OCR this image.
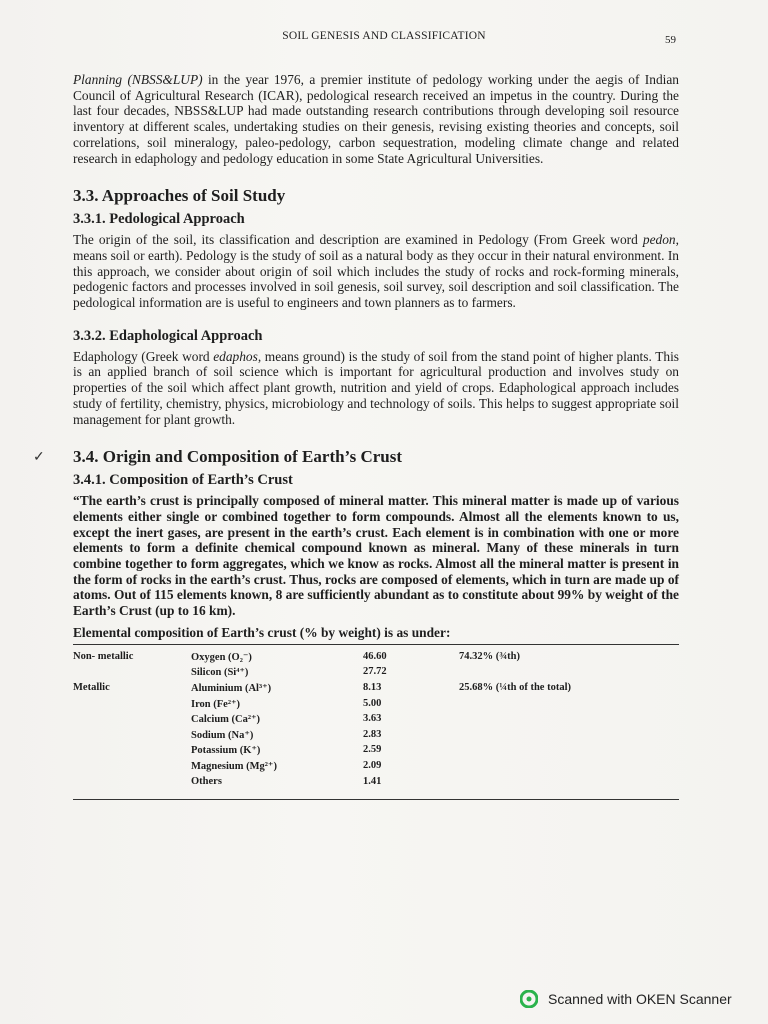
SOIL GENESIS AND CLASSIFICATION	59

Planning (NBSS&LUP) in the year 1976, a premier institute of pedology working under the aegis of Indian Council of Agricultural Research (ICAR), pedological research received an impetus in the country. During the last four decades, NBSS&LUP had made outstanding research contributions through developing soil resource inventory at different scales, undertaking studies on their genesis, revising existing theories and concepts, soil correlations, soil mineralogy, paleo-pedology, carbon sequestration, modeling climate change and related research in edaphology and pedology education in some State Agricultural Universities.

3.3. Approaches of Soil Study
3.3.1. Pedological Approach

The origin of the soil, its classification and description are examined in Pedology (From Greek word pedon, means soil or earth). Pedology is the study of soil as a natural body as they occur in their natural environment. In this approach, we consider about origin of soil which includes the study of rocks and rock-forming minerals, pedogenic factors and processes involved in soil genesis, soil survey, soil description and soil classification. The pedological information are is useful to engineers and town planners as to farmers.

3.3.2. Edaphological Approach

Edaphology (Greek word edaphos, means ground) is the study of soil from the stand point of higher plants. This is an applied branch of soil science which is important for agricultural production and involves study on properties of the soil which affect plant growth, nutrition and yield of crops. Edaphological approach includes study of fertility, chemistry, physics, microbiology and technology of soils. This helps to suggest appropriate soil management for plant growth.

✓ 3.4. Origin and Composition of Earth’s Crust
3.4.1. Composition of Earth’s Crust

“The earth’s crust is principally composed of mineral matter. This mineral matter is made up of various elements either single or combined together to form compounds. Almost all the elements known to us, except the inert gases, are present in the earth’s crust. Each element is in combination with one or more elements to form a definite chemical compound known as mineral. Many of these minerals in turn combine together to form aggregates, which we know as rocks. Almost all the mineral matter is present in the form of rocks in the earth’s crust. Thus, rocks are composed of elements, which in turn are made up of atoms. Out of 115 elements known, 8 are sufficiently abundant as to constitute about 99% by weight of the Earth’s Crust (up to 16 km).

Elemental composition of Earth’s crust (% by weight) is as under:
Non- metallic	Oxygen (O₂⁻)	46.60	74.32% (¾th)
	Silicon (Si⁴⁺)	27.72	
Metallic	Aluminium (Al³⁺)	8.13	25.68% (¼th of the total)
	Iron (Fe²⁺)	5.00	
	Calcium (Ca²⁺)	3.63	
	Sodium (Na⁺)	2.83	
	Potassium (K⁺)	2.59	
	Magnesium (Mg²⁺)	2.09	
	Others	1.41	
Scanned with OKEN Scanner
